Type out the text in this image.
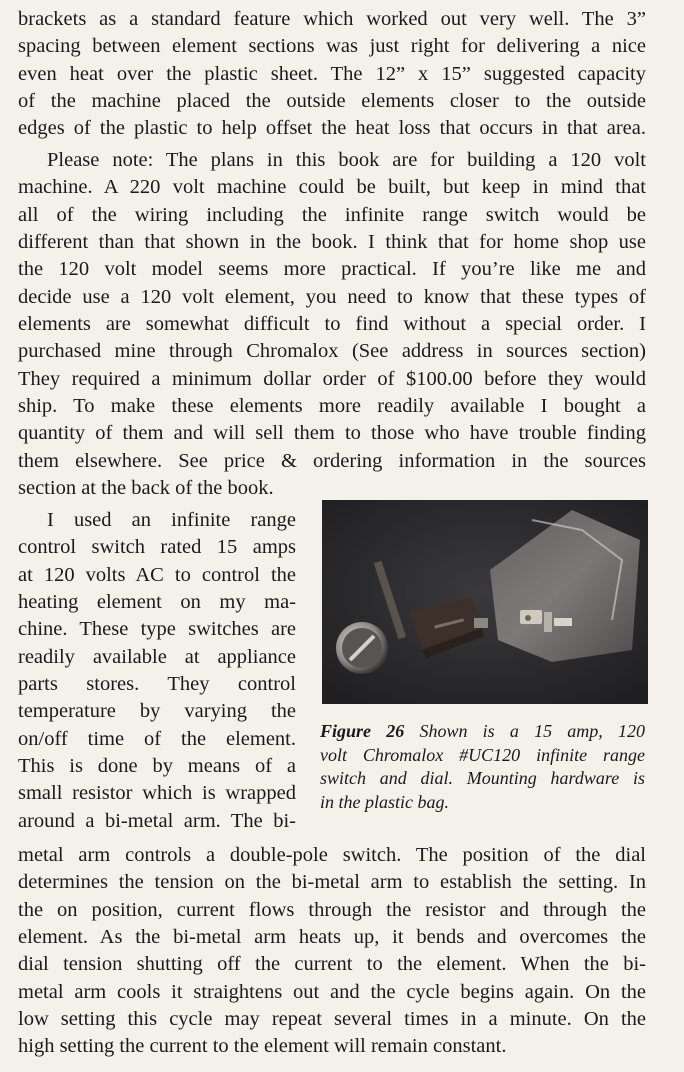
brackets as a standard feature which worked out very well. The 3”
spacing between element sections was just right for delivering a nice
even heat over the plastic sheet. The 12” x 15” suggested capacity
of the machine placed the outside elements closer to the outside
edges of the plastic to help offset the heat loss that occurs in that area.
Please note: The plans in this book are for building a 120 volt
machine. A 220 volt machine could be built, but keep in mind that
all of the wiring including the infinite range switch would be
different than that shown in the book. I think that for home shop use
the 120 volt model seems more practical. If you’re like me and
decide use a 120 volt element, you need to know that these types of
elements are somewhat difficult to find without a special order. I
purchased mine through Chromalox (See address in sources section)
They required a minimum dollar order of $100.00 before they would
ship. To make these elements more readily available I bought a
quantity of them and will sell them to those who have trouble finding
them elsewhere. See price & ordering information in the sources
section at the back of the book.
I used an infinite range
control switch rated 15 amps
at 120 volts AC to control the
heating element on my ma-
chine. These type switches are
readily available at appliance
parts stores. They control
temperature by varying the
on/off time of the element.
This is done by means of a
small resistor which is wrapped
around a bi-metal arm. The bi-
metal arm controls a double-pole switch. The position of the dial
determines the tension on the bi-metal arm to establish the setting. In
the on position, current flows through the resistor and through the
element. As the bi-metal arm heats up, it bends and overcomes the
dial tension shutting off the current to the element. When the bi-
metal arm cools it straightens out and the cycle begins again. On the
low setting this cycle may repeat several times in a minute. On the
high setting the current to the element will remain constant.
Figure 26 Shown is a 15 amp, 120
volt Chromalox #UC120 infinite range
switch and dial. Mounting hardware is
in the plastic bag.
